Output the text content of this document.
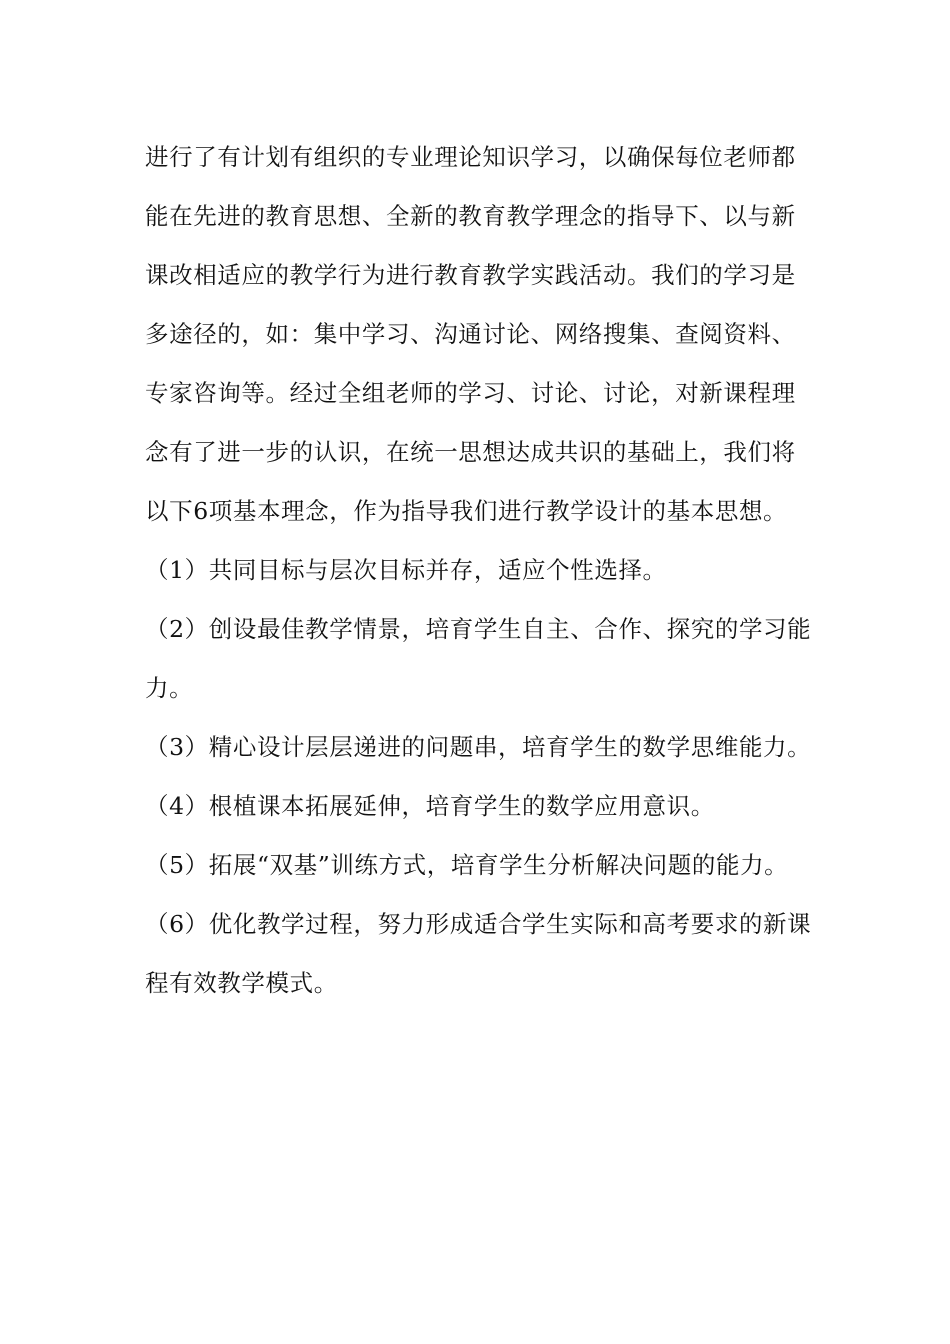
进行了有计划有组织的专业理论知识学习，以确保每位老师都
能在先进的教育思想、全新的教育教学理念的指导下、以与新
课改相适应的教学行为进行教育教学实践活动。我们的学习是
多途径的，如：集中学习、沟通讨论、网络搜集、查阅资料、
专家咨询等。经过全组老师的学习、讨论、讨论，对新课程理
念有了进一步的认识，在统一思想达成共识的基础上，我们将
以下6项基本理念，作为指导我们进行教学设计的基本思想。
（1）共同目标与层次目标并存，适应个性选择。
（2）创设最佳教学情景，培育学生自主、合作、探究的学习能
力。
（3）精心设计层层递进的问题串，培育学生的数学思维能力。
（4）根植课本拓展延伸，培育学生的数学应用意识。
（5）拓展“双基”训练方式，培育学生分析解决问题的能力。
（6）优化教学过程，努力形成适合学生实际和高考要求的新课
程有效教学模式。
